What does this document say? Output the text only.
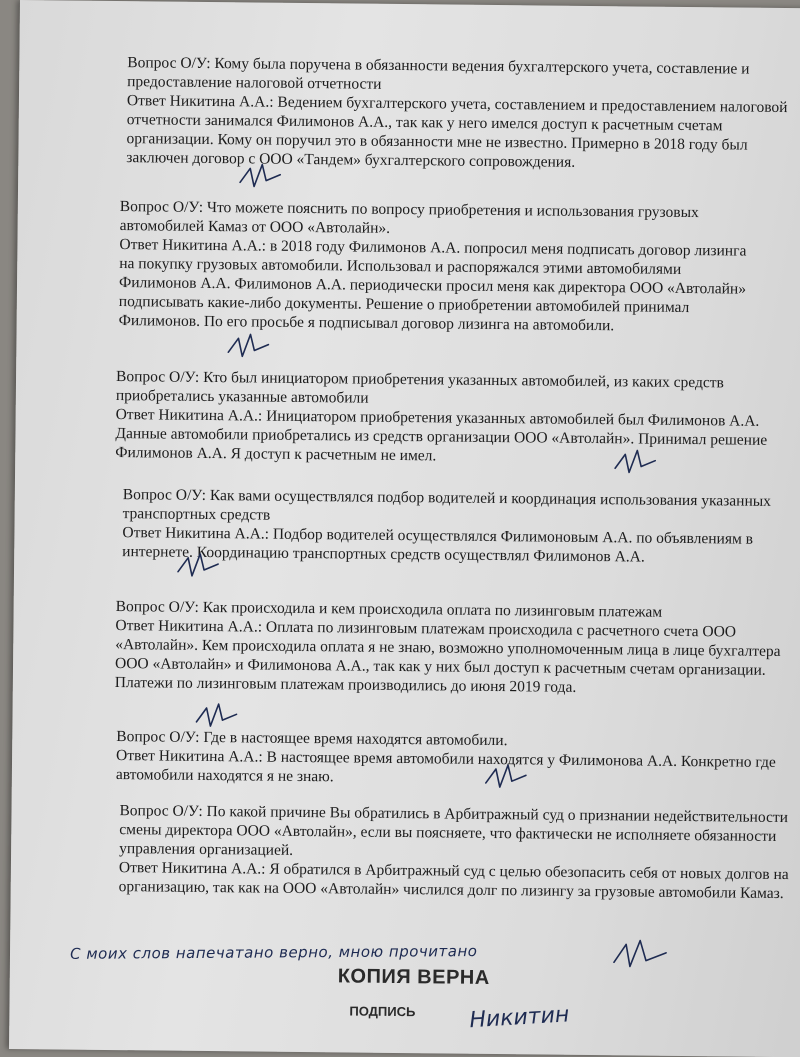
Вопрос О/У: Кому была поручена в обязанности ведения бухгалтерского учета, составление и предоставление налоговой отчетности
Ответ Никитина А.А.: Ведением бухгалтерского учета, составлением и предоставлением налоговой отчетности занимался Филимонов А.А., так как у него имелся доступ к расчетным счетам организации. Кому он поручил это в обязанности мне не известно. Примерно в 2018 году был заключен договор с ООО «Тандем» бухгалтерского сопровождения.
Вопрос О/У: Что можете пояснить по вопросу приобретения и использования грузовых автомобилей Камаз от ООО «Автолайн».
Ответ Никитина А.А.: в 2018 году Филимонов А.А. попросил меня подписать договор лизинга на покупку грузовых автомобили. Использовал и распоряжался этими автомобилями Филимонов А.А. Филимонов А.А. периодически просил меня как директора ООО «Автолайн» подписывать какие-либо документы. Решение о приобретении автомобилей принимал Филимонов. По его просьбе я подписывал договор лизинга на автомобили.
Вопрос О/У: Кто был инициатором приобретения указанных автомобилей, из каких средств приобретались указанные автомобили
Ответ Никитина А.А.: Инициатором приобретения указанных автомобилей был Филимонов А.А. Данные автомобили приобретались из средств организации ООО «Автолайн». Принимал решение Филимонов А.А. Я доступ к расчетным не имел.
Вопрос О/У: Как вами осуществлялся подбор водителей и координация использования указанных транспортных средств
Ответ Никитина А.А.: Подбор водителей осуществлялся Филимоновым А.А. по объявлениям в интернете. Координацию транспортных средств осуществлял Филимонов А.А.
Вопрос О/У: Как происходила и кем происходила оплата по лизинговым платежам
Ответ Никитина А.А.: Оплата по лизинговым платежам происходила с расчетного счета ООО «Автолайн». Кем происходила оплата я не знаю, возможно уполномоченным лица в лице бухгалтера ООО «Автолайн» и Филимонова А.А., так как у них был доступ к расчетным счетам организации. Платежи по лизинговым платежам производились до июня 2019 года.
Вопрос О/У: Где в настоящее время находятся автомобили.
Ответ Никитина А.А.: В настоящее время автомобили находятся у Филимонова А.А. Конкретно где автомобили находятся я не знаю.
Вопрос О/У: По какой причине Вы обратились в Арбитражный суд о признании недействительности смены директора ООО «Автолайн», если вы поясняете, что фактически не исполняете обязанности управления организацией.
Ответ Никитина А.А.: Я обратился в Арбитражный суд с целью обезопасить себя от новых долгов на организацию, так как на ООО «Автолайн» числился долг по лизингу за грузовые автомобили Камаз.
С моих слов напечатано верно, мною прочитано
КОПИЯ ВЕРНА
ПОДПИСЬ Никитин
